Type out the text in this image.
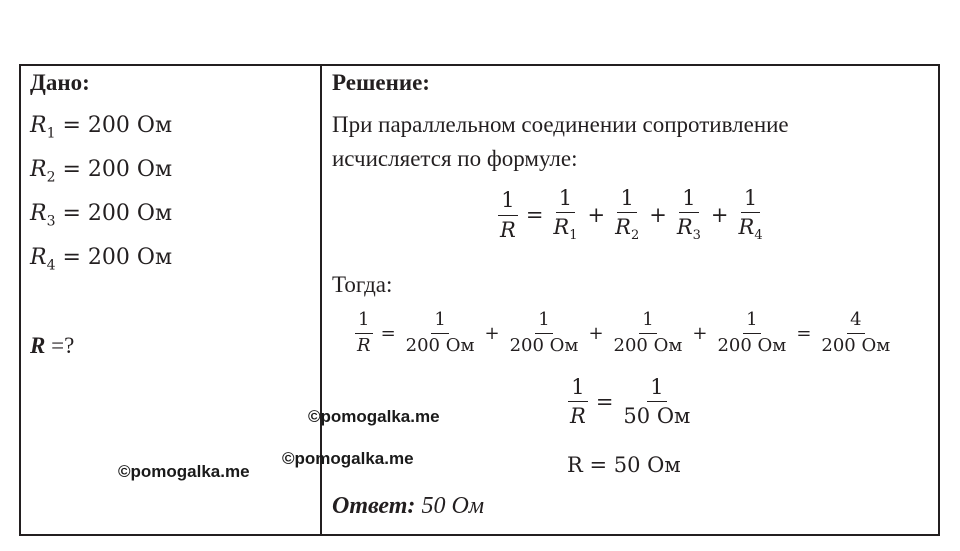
Дано:
$R_1 = 200$ Ом
$R_2 = 200$ Ом
$R_3 = 200$ Ом
$R_4 = 200$ Ом
R =?
Решение:
При параллельном соединении сопротивление
исчисляется по формуле:
$\frac{1}{R} = \frac{1}{R_1} + \frac{1}{R_2} + \frac{1}{R_3} + \frac{1}{R_4}$
Тогда:
$\frac{1}{R} = \frac{1}{200 Ом} + \frac{1}{200 Ом} + \frac{1}{200 Ом} + \frac{1}{200 Ом} = \frac{4}{200 Ом}$
$\frac{1}{R} = \frac{1}{50 Ом}$
R = 50 Ом
Ответ: 50 Ом
©pomogalka.me
©pomogalka.me
©pomogalka.me
